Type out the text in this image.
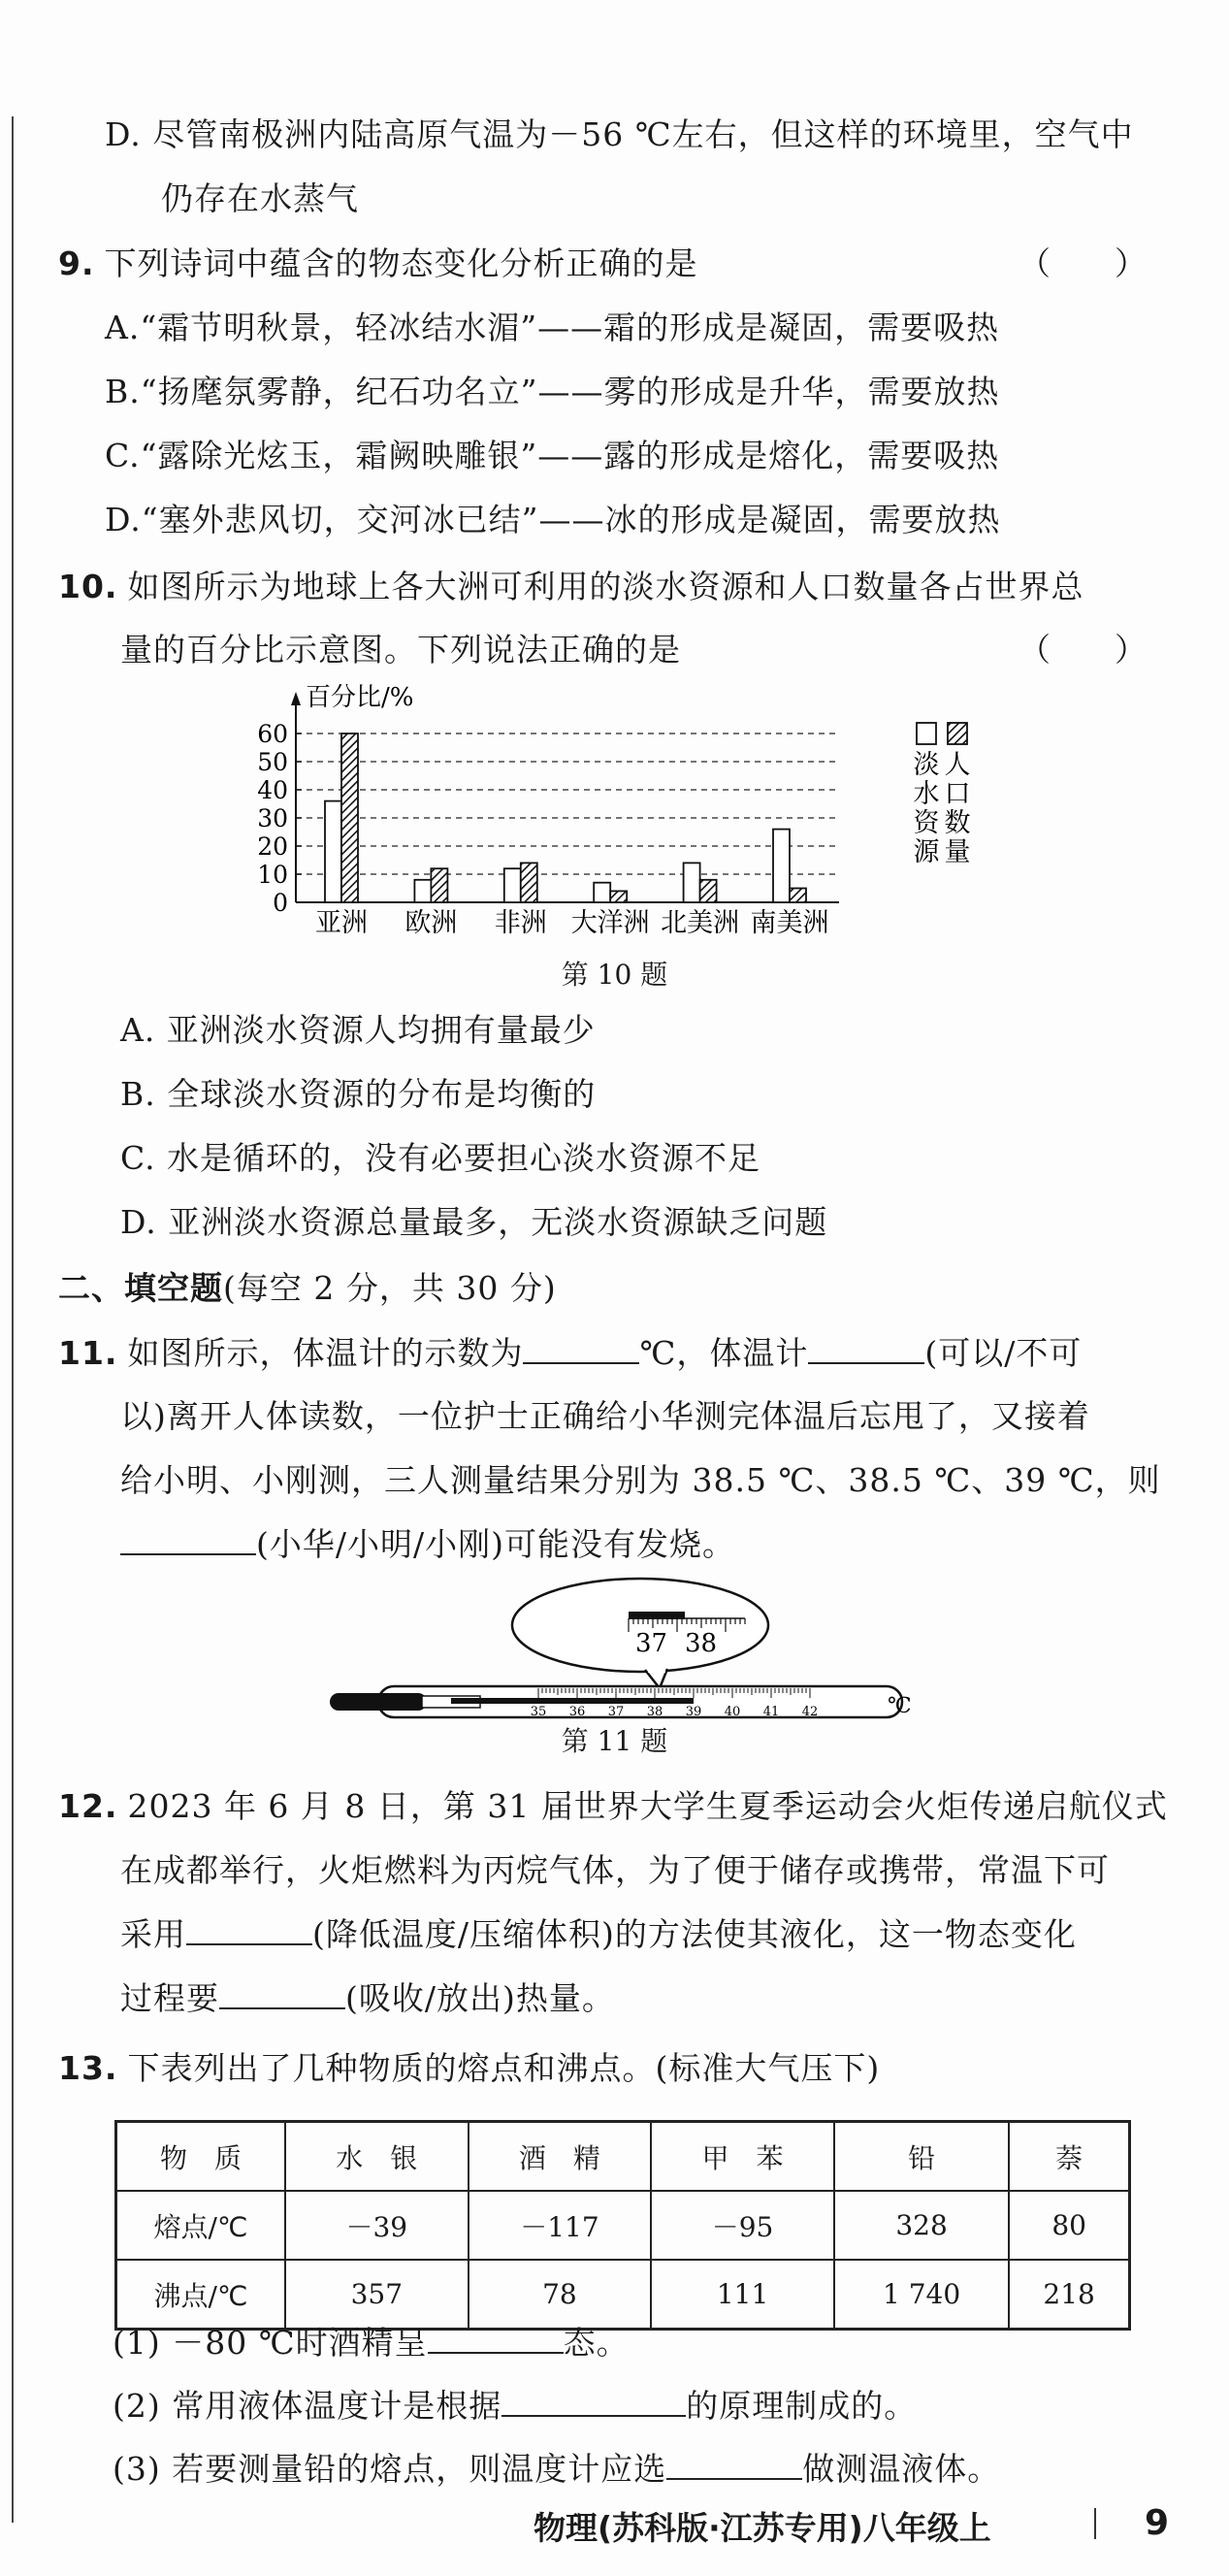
D. 尽管南极洲内陆高原气温为－56 ℃左右，但这样的环境里，空气中
仍存在水蒸气
9. 下列诗词中蕴含的物态变化分析正确的是	（　　）
A.“霜节明秋景，轻冰结水湄”——霜的形成是凝固，需要吸热
B.“扬麾氛雾静，纪石功名立”——雾的形成是升华，需要放热
C.“露除光炫玉，霜阙映雕银”——露的形成是熔化，需要吸热
D.“塞外悲风切，交河冰已结”——冰的形成是凝固，需要放热
10. 如图所示为地球上各大洲可利用的淡水资源和人口数量各占世界总
量的百分比示意图。下列说法正确的是	（　　）
百分比/%
60
50
40
30
20
10
0
亚洲 欧洲 非洲 大洋洲 北美洲 南美洲
淡
水
资
源
人
口
数
量
第 10 题
A. 亚洲淡水资源人均拥有量最少
B. 全球淡水资源的分布是均衡的
C. 水是循环的，没有必要担心淡水资源不足
D. 亚洲淡水资源总量最多，无淡水资源缺乏问题
二、填空题(每空 2 分，共 30 分)
11. 如图所示，体温计的示数为	℃，体温计	(可以/不可
以)离开人体读数，一位护士正确给小华测完体温后忘甩了，又接着
给小明、小刚测，三人测量结果分别为 38.5 ℃、38.5 ℃、39 ℃，则
(小华/小明/小刚)可能没有发烧。
37 38
35 36 37 38 39 40 41 42	℃
第 11 题
12. 2023 年 6 月 8 日，第 31 届世界大学生夏季运动会火炬传递启航仪式
在成都举行，火炬燃料为丙烷气体，为了便于储存或携带，常温下可
采用	(降低温度/压缩体积)的方法使其液化，这一物态变化
过程要	(吸收/放出)热量。
13. 下表列出了几种物质的熔点和沸点。(标准大气压下)
物　质	水　银	酒　精	甲　苯	铅	萘
熔点/℃	－39	－117	－95	328	80
沸点/℃	357	78	111	1 740	218
(1) －80 ℃时酒精呈	态。
(2) 常用液体温度计是根据	的原理制成的。
(3) 若要测量铅的熔点，则温度计应选	做测温液体。
物理(苏科版·江苏专用)八年级上	9
